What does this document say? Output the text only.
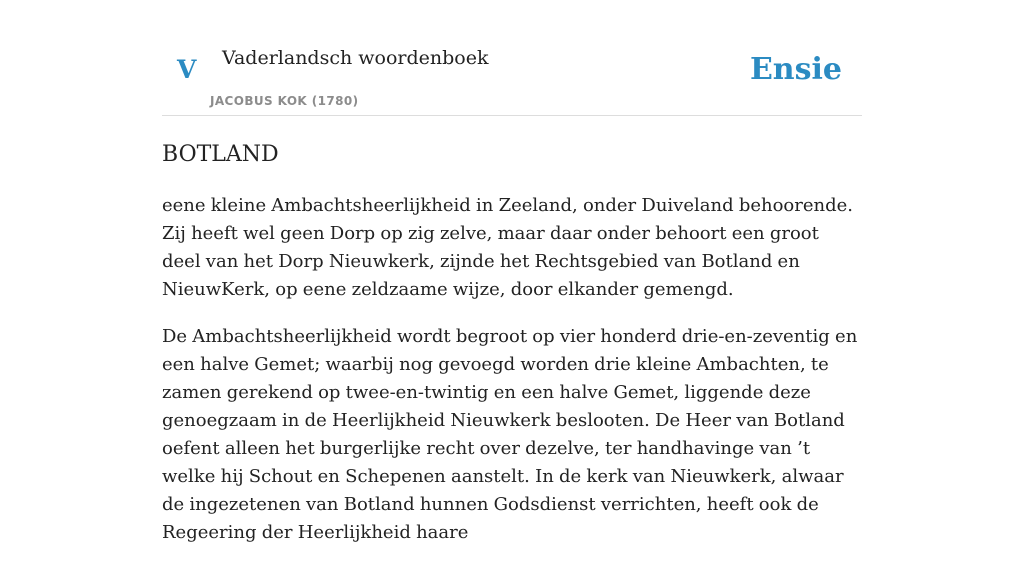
V Vaderlandsch woordenboek
JACOBUS KOK (1780)
Ensie
BOTLAND

eene kleine Ambachtsheerlijkheid in Zeeland, onder Duiveland behoorende. Zij heeft wel geen Dorp op zig zelve, maar daar onder behoort een groot deel van het Dorp Nieuwkerk, zijnde het Rechtsgebied van Botland en NieuwKerk, op eene zeldzaame wijze, door elkander gemengd.

De Ambachtsheerlijkheid wordt begroot op vier honderd drie-en-zeventig en een halve Gemet; waarbij nog gevoegd worden drie kleine Ambachten, te zamen gerekend op twee-en-twintig en een halve Gemet, liggende deze genoegzaam in de Heerlijkheid Nieuwkerk beslooten. De Heer van Botland oefent alleen het burgerlijke recht over dezelve, ter handhavinge van ’t welke hij Schout en Schepenen aanstelt. In de kerk van Nieuwkerk, alwaar de ingezetenen van Botland hunnen Godsdienst verrichten, heeft ook de Regeering der Heerlijkheid haare
